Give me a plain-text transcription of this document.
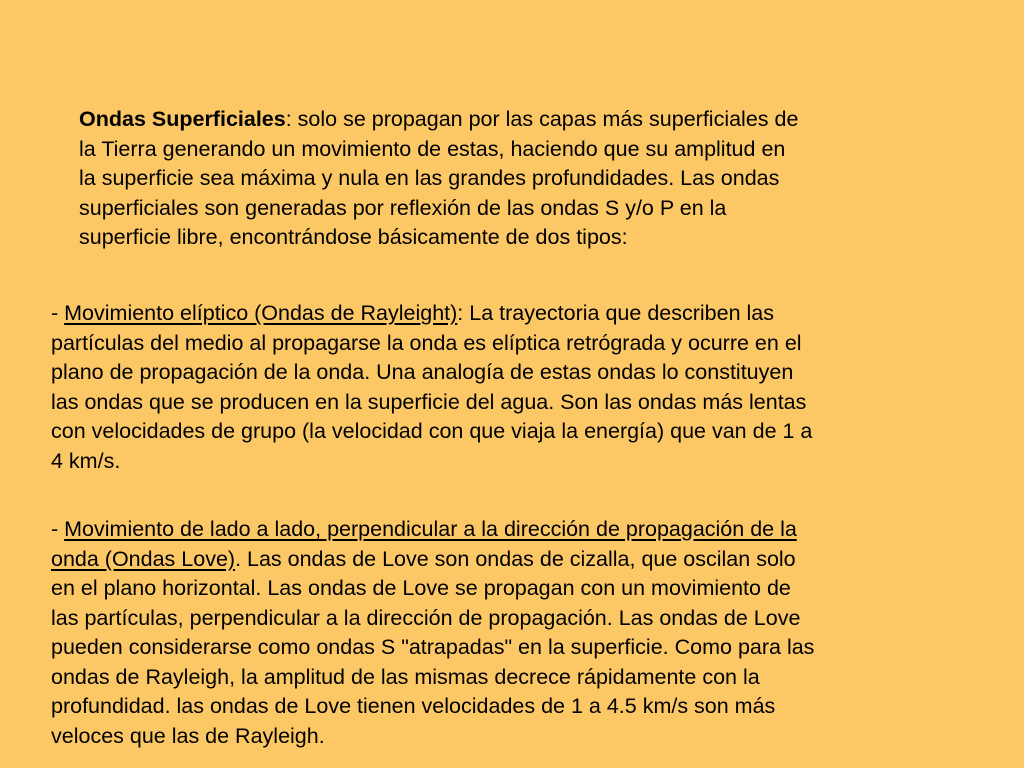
Ondas Superficiales: solo se propagan por las capas más superficiales de
la Tierra generando un movimiento de estas, haciendo que su amplitud en
la superficie sea máxima y nula en las grandes profundidades. Las ondas
superficiales son generadas por reflexión de las ondas S y/o P en la
superficie libre, encontrándose básicamente de dos tipos:

- Movimiento elíptico (Ondas de Rayleight): La trayectoria que describen las
partículas del medio al propagarse la onda es elíptica retrógrada y ocurre en el
plano de propagación de la onda. Una analogía de estas ondas lo constituyen
las ondas que se producen en la superficie del agua. Son las ondas más lentas
con velocidades de grupo (la velocidad con que viaja la energía) que van de 1 a
4 km/s.

- Movimiento de lado a lado, perpendicular a la dirección de propagación de la
onda (Ondas Love). Las ondas de Love son ondas de cizalla, que oscilan solo
en el plano horizontal. Las ondas de Love se propagan con un movimiento de
las partículas, perpendicular a la dirección de propagación. Las ondas de Love
pueden considerarse como ondas S "atrapadas" en la superficie. Como para las
ondas de Rayleigh, la amplitud de las mismas decrece rápidamente con la
profundidad. las ondas de Love tienen velocidades de 1 a 4.5 km/s son más
veloces que las de Rayleigh.
